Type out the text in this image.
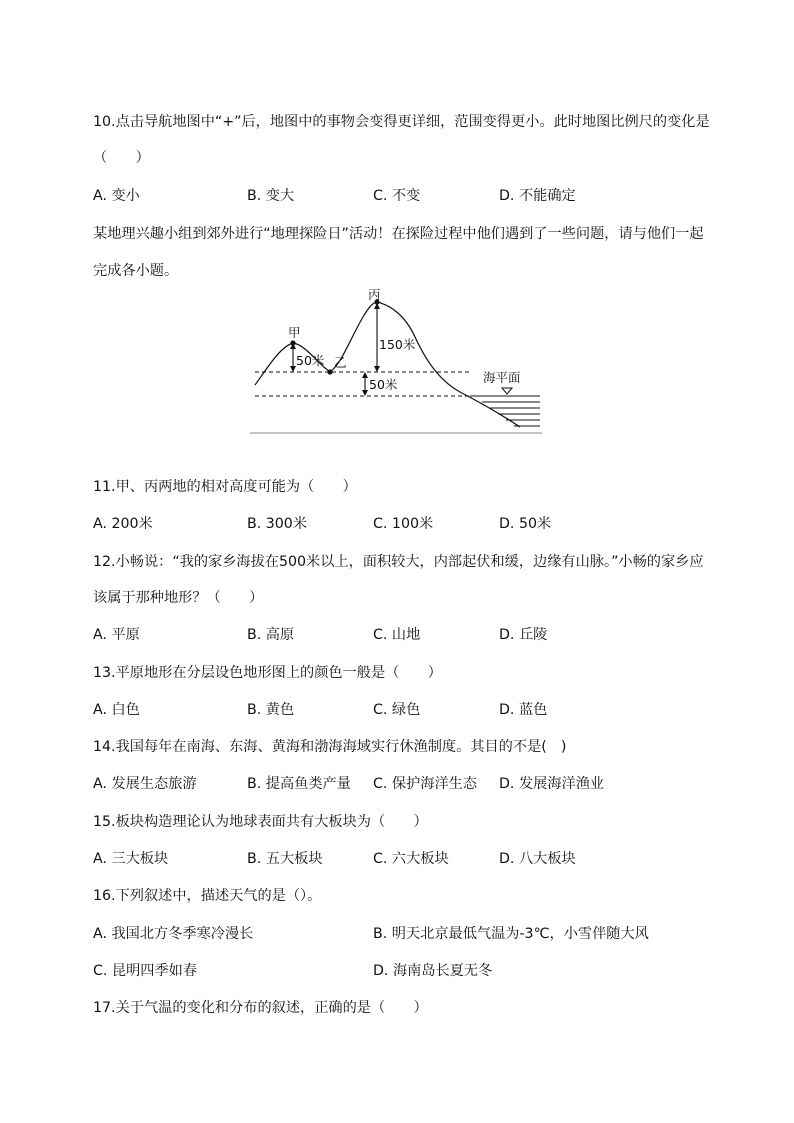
10.点击导航地图中“+”后，地图中的事物会变得更详细，范围变得更小。此时地图比例尺的变化是
（　　）
A. 变小	B. 变大	C. 不变	D. 不能确定
某地理兴趣小组到郊外进行“地理探险日”活动！在探险过程中他们遇到了一些问题，请与他们一起
完成各小题。
丙
甲
乙
50米
150米
50米	海平面
11.甲、丙两地的相对高度可能为（　　）
A. 200米	B. 300米	C. 100米	D. 50米
12.小畅说：“我的家乡海拔在500米以上，面积较大，内部起伏和缓，边缘有山脉。”小畅的家乡应
该属于那种地形？（　　）
A. 平原	B. 高原	C. 山地	D. 丘陵
13.平原地形在分层设色地形图上的颜色一般是（　　）
A. 白色	B. 黄色	C. 绿色	D. 蓝色
14.我国每年在南海、东海、黄海和渤海海域实行休渔制度。其目的不是(　)
A. 发展生态旅游	B. 提高鱼类产量 C. 保护海洋生态 D. 发展海洋渔业
15.板块构造理论认为地球表面共有大板块为（　　）
A. 三大板块	B. 五大板块	C. 六大板块	D. 八大板块
16.下列叙述中，描述天气的是（）。
A. 我国北方冬季寒冷漫长	B. 明天北京最低气温为-3℃，小雪伴随大风
C. 昆明四季如春	D. 海南岛长夏无冬
17.关于气温的变化和分布的叙述，正确的是（　　）
